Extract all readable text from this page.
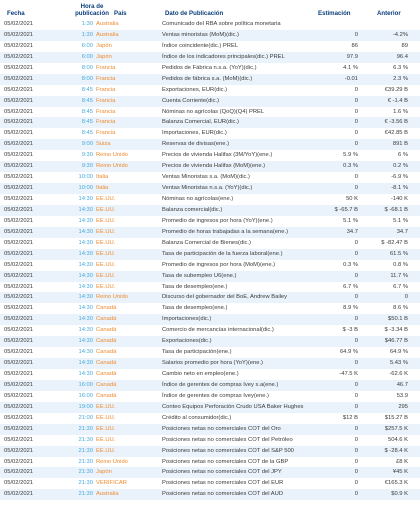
Fecha
Hora de publicación País	Dato de Publicación	Estimación	Anterior
05/02/2021	1:30 Australia	Comunicado del RBA sobre política monetaria
05/02/2021	1:30 Australia	Ventas minoristas (MoM)(dic.)	0	-4.2%
05/02/2021	6:00 Japón	Índice coincidente(dic.) PREL	86	89
05/02/2021	6:00 Japón	Índice de los indicadores principales(dic.) PREL	97.9	96.4
05/02/2021	8:00 Francia	Pedidos de Fábrica n.s.a. (YoY)(dic.)	4.1 %	6.3 %
05/02/2021	8:00 Francia	Pedidos de fábrica s.a. (MoM)(dic.)	-0.01	2.3 %
05/02/2021	8:45 Francia	Exportaciones, EUR(dic.)	0	€39.29 B
05/02/2021	8:45 Francia	Cuenta Corriente(dic.)	0	€ -1.4 B
05/02/2021	8:45 Francia	Nóminas no agrícolas (QoQ)(Q4) PREL	0	1.6 %
05/02/2021	8:45 Francia	Balanza Comercial, EUR(dic.)	0	€ -3.56 B
05/02/2021	8:45 Francia	Importaciones, EUR(dic.)	0	€42.85 B
05/02/2021	9:00 Suiza	Reservas de divisas(ene.)	0	891 B
05/02/2021	9:30 Reino Unido	Precios de vivienda Halifax (3M/YoY)(ene.)	5.9 %	6 %
05/02/2021	9:30 Reino Unido	Precios de vivienda Halifax (MoM)(ene.)	0.3 %	0.2 %
05/02/2021	10:00 Italia	Ventas Minoristas s.a. (MoM)(dic.)	0	-6.9 %
05/02/2021	10:00 Italia	Ventas Minoristas n.s.a. (YoY)(dic.)	0	-8.1 %
05/02/2021	14:30 EE.UU.	Nóminas no agrícolas(ene.)	50 K	-140 K
05/02/2021	14:30 EE.UU.	Balanza comercial(dic.)	$ -65.7 B	$ -68.1 B
05/02/2021	14:30 EE.UU.	Promedio de ingresos por hora (YoY)(ene.)	5.1 %	5.1 %
05/02/2021	14:30 EE.UU.	Promedio de horas trabajadas a la semana(ene.)	34.7	34.7
05/02/2021	14:30 EE.UU.	Balanza Comercial de Bienes(dic.)	0	$ -82.47 B
05/02/2021	14:30 EE.UU.	Tasa de participación de la fuerza laboral(ene.)	0	61.5 %
05/02/2021	14:30 EE.UU.	Promedio de ingresos por hora (MoM)(ene.)	0.3 %	0.8 %
05/02/2021	14:30 EE.UU.	Tasa de subempleo U6(ene.)	0	11.7 %
05/02/2021	14:30 EE.UU.	Tasa de desempleo(ene.)	6.7 %	6.7 %
05/02/2021	14:30 Reino Unido	Discurso del gobernador del BoE, Andrew Bailey	0	0
05/02/2021	14:30 Canadá	Tasa de desempleo(ene.)	8.9 %	8.6 %
05/02/2021	14:30 Canadá	Importaciones(dic.)	0	$50.1 B
05/02/2021	14:30 Canadá	Comercio de mercancías internacional(dic.)	$ -3 B	$ -3.34 B
05/02/2021	14:30 Canadá	Exportaciones(dic.)	0	$46.77 B
05/02/2021	14:30 Canadá	Tasa de participación(ene.)	64.9 %	64.9 %
05/02/2021	14:30 Canadá	Salarios promedio por hora (YoY)(ene.)	0	5.43 %
05/02/2021	14:30 Canadá	Cambio neto en empleo(ene.)	-47.5 K	-62.6 K
05/02/2021	16:00 Canadá	Índice de gerentes de compras Ivey s.a(ene.)	0	46.7
05/02/2021	16:00 Canadá	Índice de gerentes de compras Ivey(ene.)	0	53.9
05/02/2021	19:00 EE.UU.	Conteo Equipos Perforación Crudo USA Baker Hughes	0	295
05/02/2021	21:00 EE.UU.	Crédito al consumidor(dic.)	$12 B	$15.27 B
05/02/2021	21:30 EE.UU.	Posiciones netas no comerciales COT del Oro	0	$257.5 K
05/02/2021	21:30 EE.UU.	Posiciones netas no comerciales COT del Petróleo	0	504.6 K
05/02/2021	21:30 EE.UU.	Posiciones netas no comerciales COT del S&P 500	0	$ -28.4 K
05/02/2021	21:30 Reino Unido	Posiciones netas no comerciales COT de la GBP	0	£8 K
05/02/2021	21:30 Japón	Posiciones netas no comerciales COT del JPY	0	¥45 K
05/02/2021	21:30 VERIFICAR	Posiciones netas no comerciales COT del EUR	0	€165.3 K
05/02/2021	21:30 Australia	Posiciones netas no comerciales COT del AUD	0	$0.9 K
